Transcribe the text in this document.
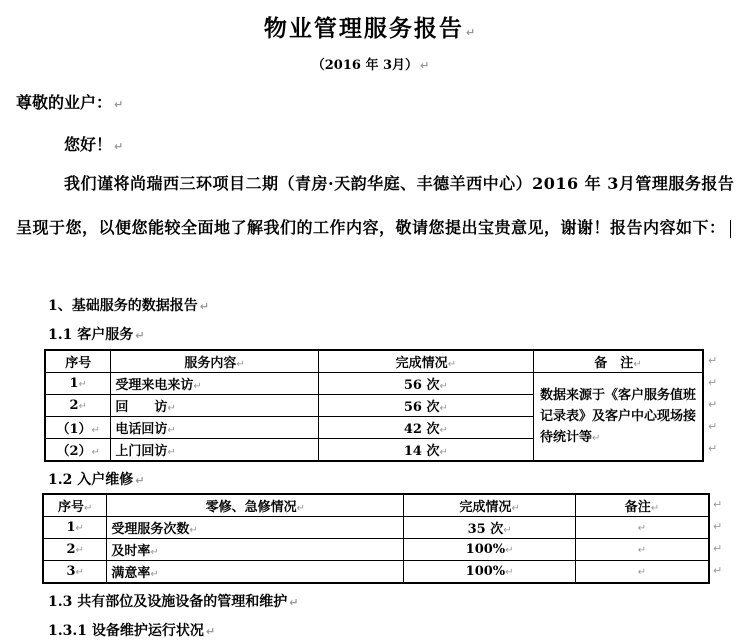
物业管理服务报告 ↵
（2016 年 3月） ↵
尊敬的业户： ↵
您好！ ↵
我们谨将尚瑞西三环项目二期（青房·天韵华庭、丰德羊西中心）2016 年 3月管理服务报告呈现于您，以便您能较全面地了解我们的工作内容，敬请您提出宝贵意见，谢谢！报告内容如下：
1、基础服务的数据报告 ↵
1.1 客户服务 ↵
序号	服务内容↵	完成情况↵	备　注↵
1↵	受理来电来访↵	56 次↵	数据来源于《客户服务值班记录表》及客户中心现场接待统计等↵
2↵	回　　访↵	56 次↵	
（1）↵	电话回访↵	42 次↵	
（2）↵	上门回访↵	14 次↵	
↵
↵
↵
↵
↵
1.2 入户维修 ↵
序号↵	零修、急修情况↵	完成情况↵	备注↵
1↵	受理服务次数↵	35 次↵	↵
2↵	及时率↵	100%↵	↵
3↵	满意率↵	100%↵	↵
↵
↵
↵
↵
1.3 共有部位及设施设备的管理和维护 ↵
1.3.1 设备维护运行状况 ↵
